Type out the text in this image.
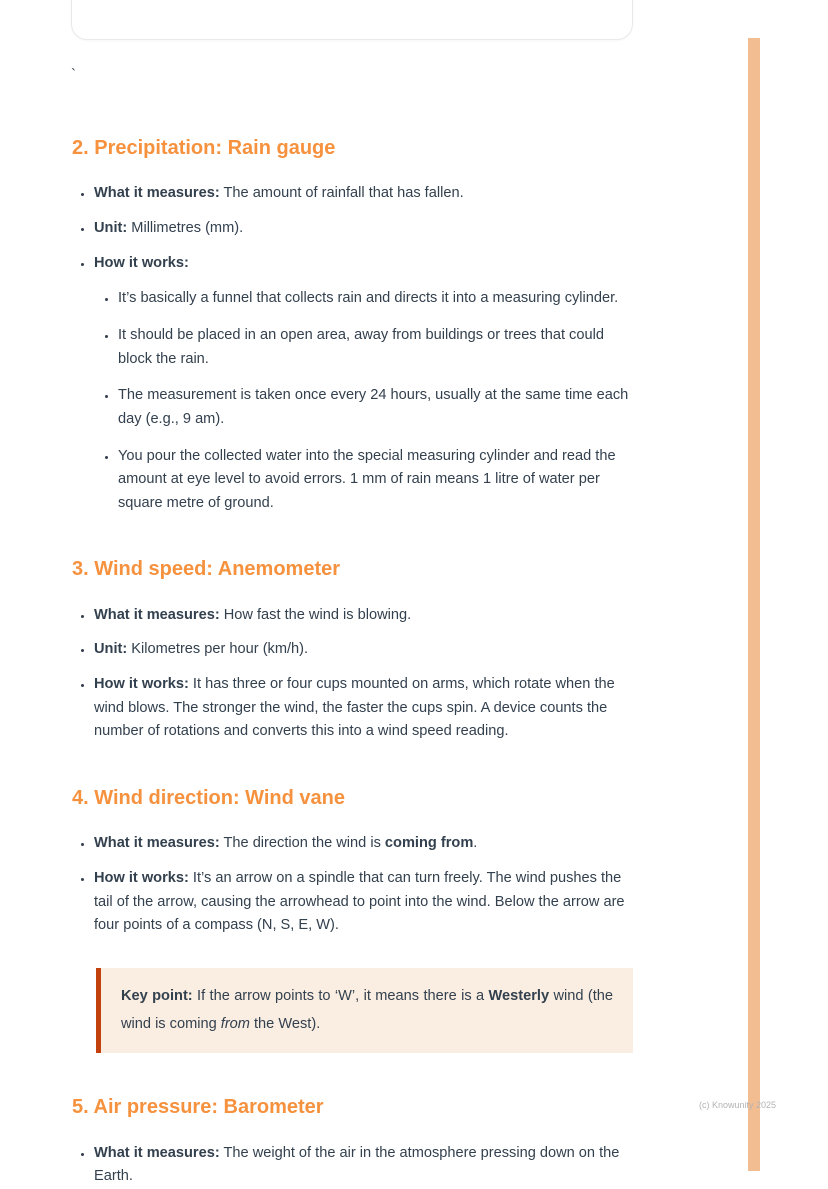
`
2. Precipitation: Rain gauge
• What it measures: The amount of rainfall that has fallen.
• Unit: Millimetres (mm).
• How it works:
• It’s basically a funnel that collects rain and directs it into a measuring cylinder.
• It should be placed in an open area, away from buildings or trees that could block the rain.
• The measurement is taken once every 24 hours, usually at the same time each day (e.g., 9 am).
• You pour the collected water into the special measuring cylinder and read the amount at eye level to avoid errors. 1 mm of rain means 1 litre of water per square metre of ground.
3. Wind speed: Anemometer
• What it measures: How fast the wind is blowing.
• Unit: Kilometres per hour (km/h).
• How it works: It has three or four cups mounted on arms, which rotate when the wind blows. The stronger the wind, the faster the cups spin. A device counts the number of rotations and converts this into a wind speed reading.
4. Wind direction: Wind vane
• What it measures: The direction the wind is coming from.
• How it works: It’s an arrow on a spindle that can turn freely. The wind pushes the tail of the arrow, causing the arrowhead to point into the wind. Below the arrow are four points of a compass (N, S, E, W).

Key point: If the arrow points to ‘W’, it means there is a Westerly wind (the wind is coming from the West).

5. Air pressure: Barometer
• What it measures: The weight of the air in the atmosphere pressing down on the Earth.
(c) Knowunity 2025
